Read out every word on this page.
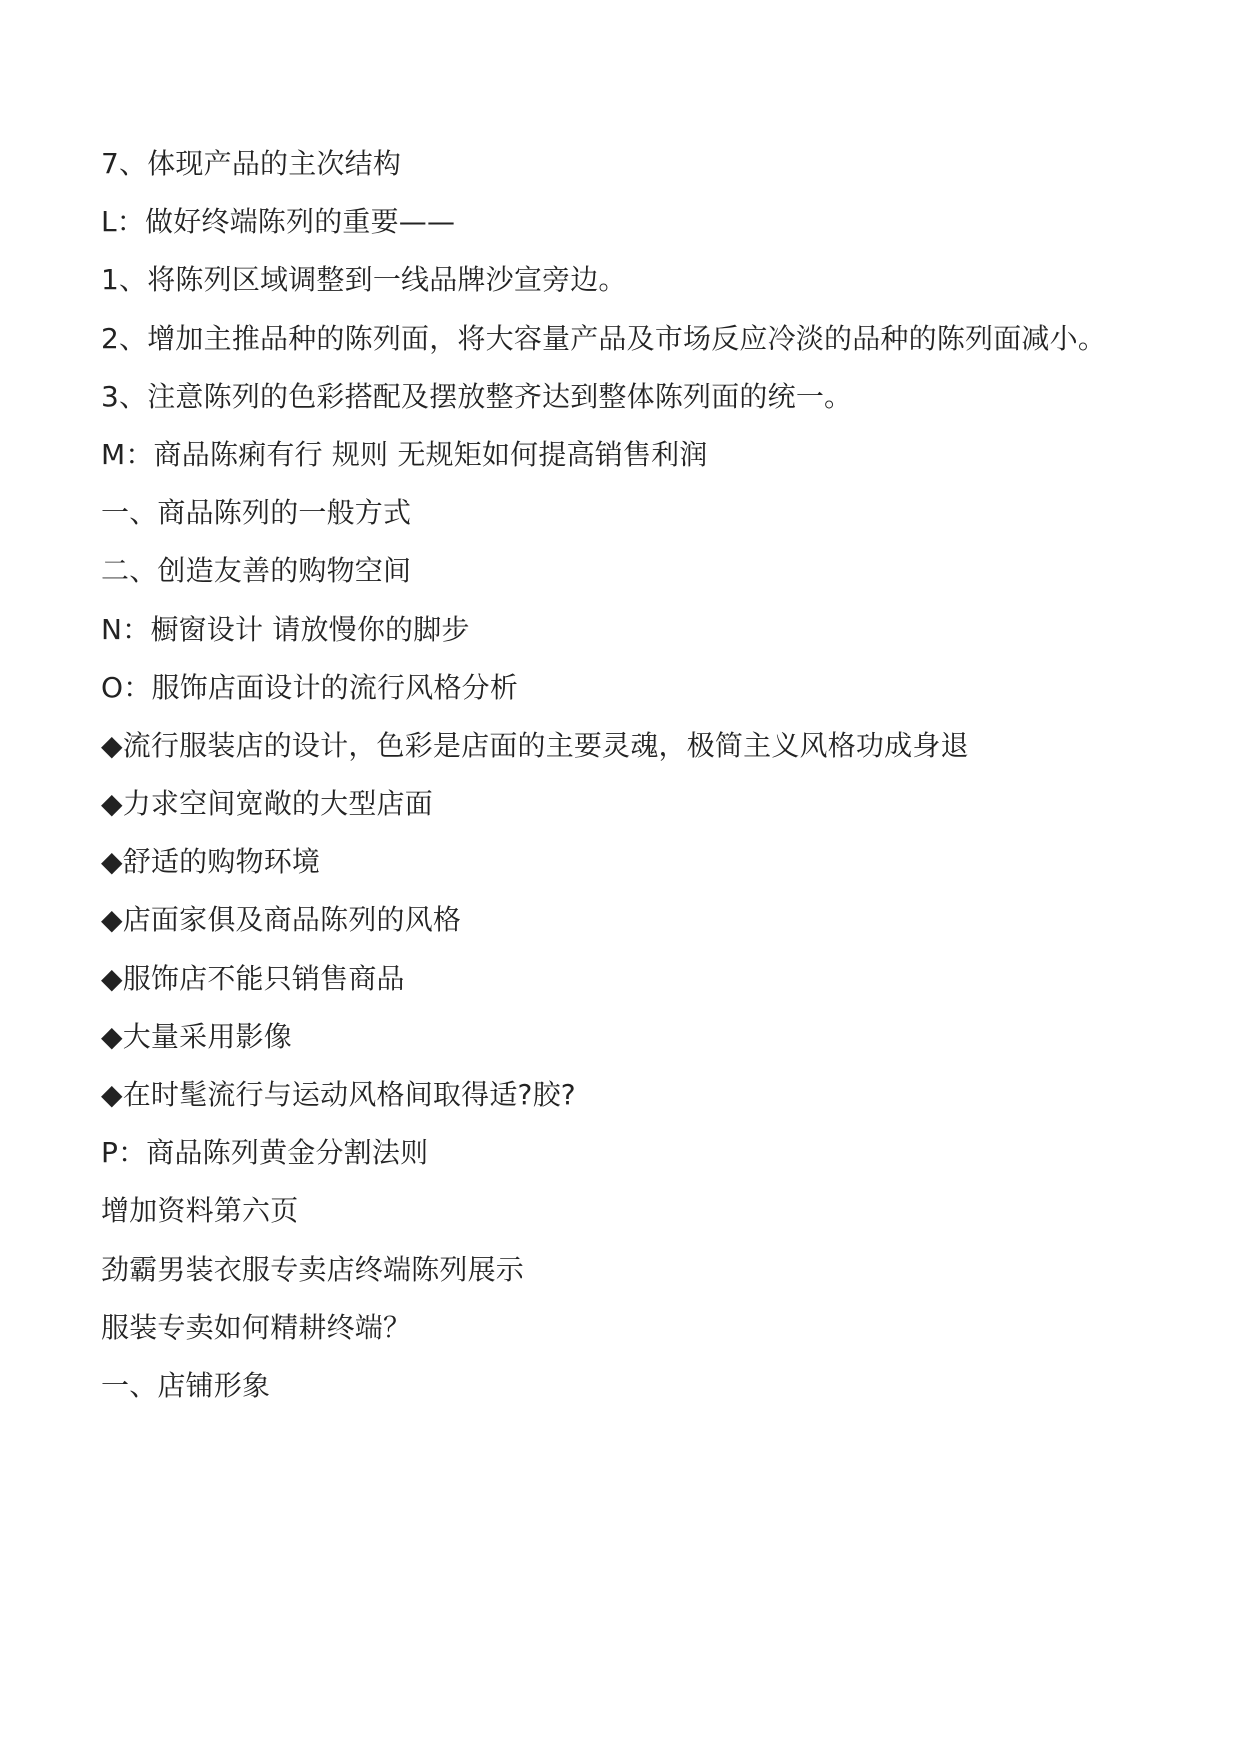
7、体现产品的主次结构
L：做好终端陈列的重要——
1、将陈列区域调整到一线品牌沙宣旁边。
2、增加主推品种的陈列面，将大容量产品及市场反应冷淡的品种的陈列面减小。
3、注意陈列的色彩搭配及摆放整齐达到整体陈列面的统一。
M：商品陈痢有行 规则 无规矩如何提高销售利润
一、商品陈列的一般方式
二、创造友善的购物空间
N：橱窗设计 请放慢你的脚步
O：服饰店面设计的流行风格分析
◆流行服装店的设计，色彩是店面的主要灵魂，极简主义风格功成身退
◆力求空间宽敞的大型店面
◆舒适的购物环境
◆店面家俱及商品陈列的风格
◆服饰店不能只销售商品
◆大量采用影像
◆在时髦流行与运动风格间取得适?胶?
P：商品陈列黄金分割法则
增加资料第六页
劲霸男装衣服专卖店终端陈列展示
服装专卖如何精耕终端？
一、店铺形象
